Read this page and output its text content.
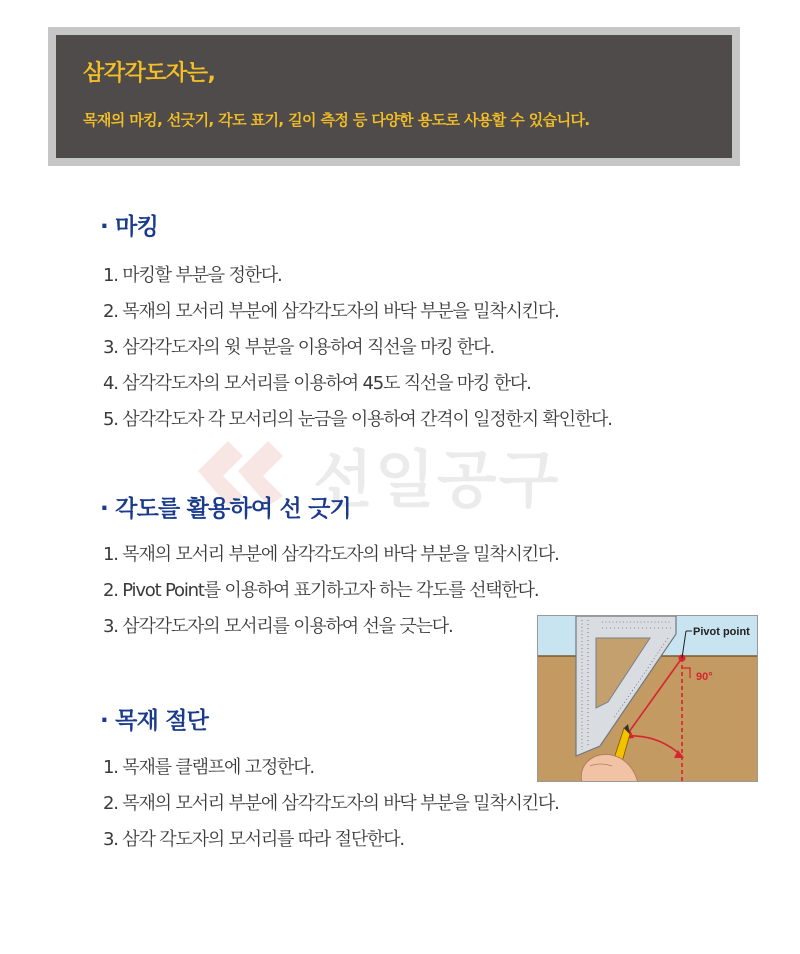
삼각각도자는,
목재의 마킹, 선긋기, 각도 표기, 길이 측정 등 다양한 용도로 사용할 수 있습니다.
선일공구
· 마킹
1. 마킹할 부분을 정한다.
2. 목재의 모서리 부분에 삼각각도자의 바닥 부분을 밀착시킨다.
3. 삼각각도자의 윗 부분을 이용하여 직선을 마킹 한다.
4. 삼각각도자의 모서리를 이용하여 45도 직선을 마킹 한다.
5. 삼각각도자 각 모서리의 눈금을 이용하여 간격이 일정한지 확인한다.
· 각도를 활용하여 선 긋기
1. 목재의 모서리 부분에 삼각각도자의 바닥 부분을 밀착시킨다.
2. Pivot Point를 이용하여 표기하고자 하는 각도를 선택한다.
3. 삼각각도자의 모서리를 이용하여 선을 긋는다.
· 목재 절단
1. 목재를 클램프에 고정한다.
2. 목재의 모서리 부분에 삼각각도자의 바닥 부분을 밀착시킨다.
3. 삼각 각도자의 모서리를 따라 절단한다.
Pivot point
90°
